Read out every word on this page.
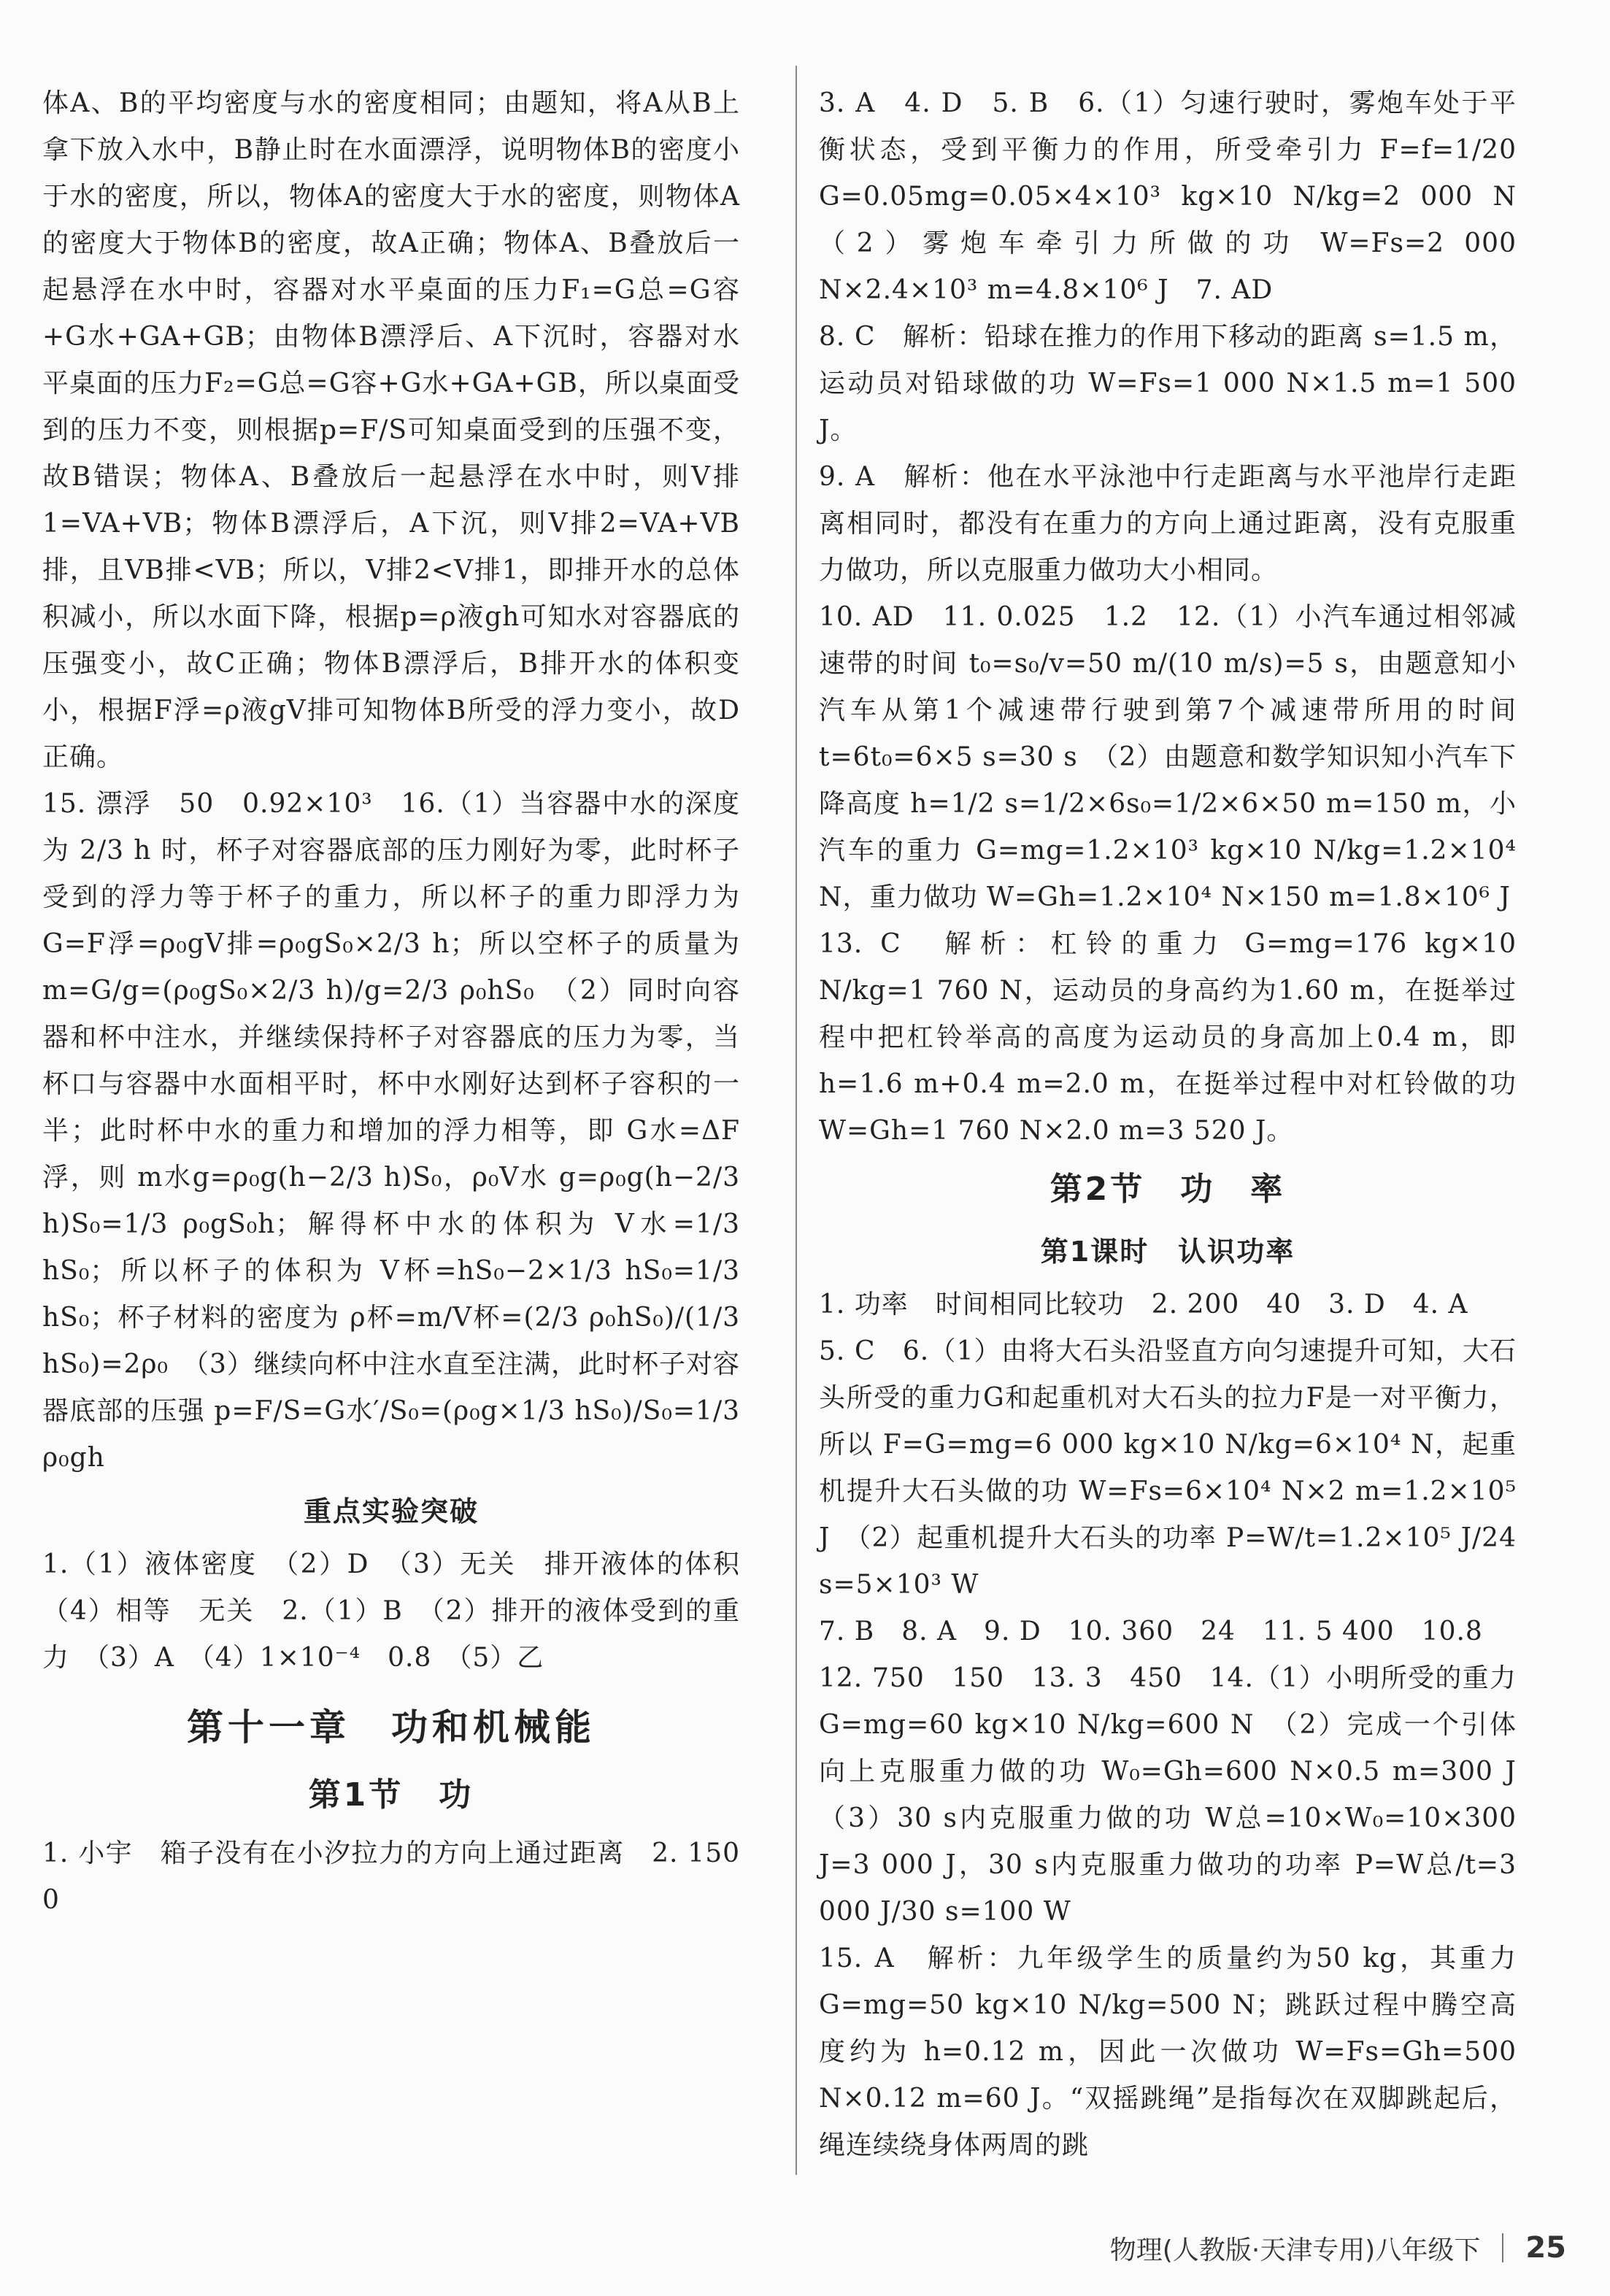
体A、B的平均密度与水的密度相同；由题知，将A从B上拿下放入水中，B静止时在水面漂浮，说明物体B的密度小于水的密度，所以，物体A的密度大于水的密度，则物体A的密度大于物体B的密度，故A正确；物体A、B叠放后一起悬浮在水中时，容器对水平桌面的压力F₁=G总=G容+G水+GA+GB；由物体B漂浮后、A下沉时，容器对水平桌面的压力F₂=G总=G容+G水+GA+GB，所以桌面受到的压力不变，则根据p=F/S可知桌面受到的压强不变，故B错误；物体A、B叠放后一起悬浮在水中时，则V排1=VA+VB；物体B漂浮后，A下沉，则V排2=VA+VB排，且VB排<VB；所以，V排2<V排1，即排开水的总体积减小，所以水面下降，根据p=ρ液gh可知水对容器底的压强变小，故C正确；物体B漂浮后，B排开水的体积变小，根据F浮=ρ液gV排可知物体B所受的浮力变小，故D正确。

15. 漂浮　50　0.92×10³　16.（1）当容器中水的深度为 2/3 h 时，杯子对容器底部的压力刚好为零，此时杯子受到的浮力等于杯子的重力，所以杯子的重力即浮力为 G=F浮=ρ₀gV排=ρ₀gS₀×2/3 h；所以空杯子的质量为 m=G/g=(ρ₀gS₀×2/3 h)/g=2/3 ρ₀hS₀　（2）同时向容器和杯中注水，并继续保持杯子对容器底的压力为零，当杯口与容器中水面相平时，杯中水刚好达到杯子容积的一半；此时杯中水的重力和增加的浮力相等，即 G水=ΔF浮，则 m水g=ρ₀g(h−2/3 h)S₀，ρ₀V水 g=ρ₀g(h−2/3 h)S₀=1/3 ρ₀gS₀h；解得杯中水的体积为 V水=1/3 hS₀；所以杯子的体积为 V杯=hS₀−2×1/3 hS₀=1/3 hS₀；杯子材料的密度为 ρ杯=m/V杯=(2/3 ρ₀hS₀)/(1/3 hS₀)=2ρ₀　（3）继续向杯中注水直至注满，此时杯子对容器底部的压强 p=F/S=G水′/S₀=(ρ₀g×1/3 hS₀)/S₀=1/3 ρ₀gh

重点实验突破

1.（1）液体密度　（2）D　（3）无关　排开液体的体积　（4）相等　无关　2.（1）B　（2）排开的液体受到的重力　（3）A　（4）1×10⁻⁴　0.8　（5）乙

第十一章　功和机械能
第1节　功

1. 小宇　箱子没有在小汐拉力的方向上通过距离　2. 150　0

3. A　4. D　5. B　6.（1）匀速行驶时，雾炮车处于平衡状态，受到平衡力的作用，所受牵引力 F=f=1/20 G=0.05mg=0.05×4×10³ kg×10 N/kg=2 000 N　（2）雾炮车牵引力所做的功 W=Fs=2 000 N×2.4×10³ m=4.8×10⁶ J　7. AD

8. C　解析：铅球在推力的作用下移动的距离 s=1.5 m，运动员对铅球做的功 W=Fs=1 000 N×1.5 m=1 500 J。

9. A　解析：他在水平泳池中行走距离与水平池岸行走距离相同时，都没有在重力的方向上通过距离，没有克服重力做功，所以克服重力做功大小相同。

10. AD　11. 0.025　1.2　12.（1）小汽车通过相邻减速带的时间 t₀=s₀/v=50 m/(10 m/s)=5 s，由题意知小汽车从第1个减速带行驶到第7个减速带所用的时间 t=6t₀=6×5 s=30 s　（2）由题意和数学知识知小汽车下降高度 h=1/2 s=1/2×6s₀=1/2×6×50 m=150 m，小汽车的重力 G=mg=1.2×10³ kg×10 N/kg=1.2×10⁴ N，重力做功 W=Gh=1.2×10⁴ N×150 m=1.8×10⁶ J

13. C　解析：杠铃的重力 G=mg=176 kg×10 N/kg=1 760 N，运动员的身高约为1.60 m，在挺举过程中把杠铃举高的高度为运动员的身高加上0.4 m，即 h=1.6 m+0.4 m=2.0 m，在挺举过程中对杠铃做的功 W=Gh=1 760 N×2.0 m=3 520 J。

第2节　功　率
第1课时　认识功率

1. 功率　时间相同比较功　2. 200　40　3. D　4. A

5. C　6.（1）由将大石头沿竖直方向匀速提升可知，大石头所受的重力G和起重机对大石头的拉力F是一对平衡力，所以 F=G=mg=6 000 kg×10 N/kg=6×10⁴ N，起重机提升大石头做的功 W=Fs=6×10⁴ N×2 m=1.2×10⁵ J　（2）起重机提升大石头的功率 P=W/t=1.2×10⁵ J/24 s=5×10³ W

7. B　8. A　9. D　10. 360　24　11. 5 400　10.8

12. 750　150　13. 3　450　14.（1）小明所受的重力 G=mg=60 kg×10 N/kg=600 N　（2）完成一个引体向上克服重力做的功 W₀=Gh=600 N×0.5 m=300 J　（3）30 s内克服重力做的功 W总=10×W₀=10×300 J=3 000 J，30 s内克服重力做功的功率 P=W总/t=3 000 J/30 s=100 W

15. A　解析：九年级学生的质量约为50 kg，其重力 G=mg=50 kg×10 N/kg=500 N；跳跃过程中腾空高度约为 h=0.12 m，因此一次做功 W=Fs=Gh=500 N×0.12 m=60 J。“双摇跳绳”是指每次在双脚跳起后，绳连续绕身体两周的跳

物理(人教版·天津专用)八年级下 25
